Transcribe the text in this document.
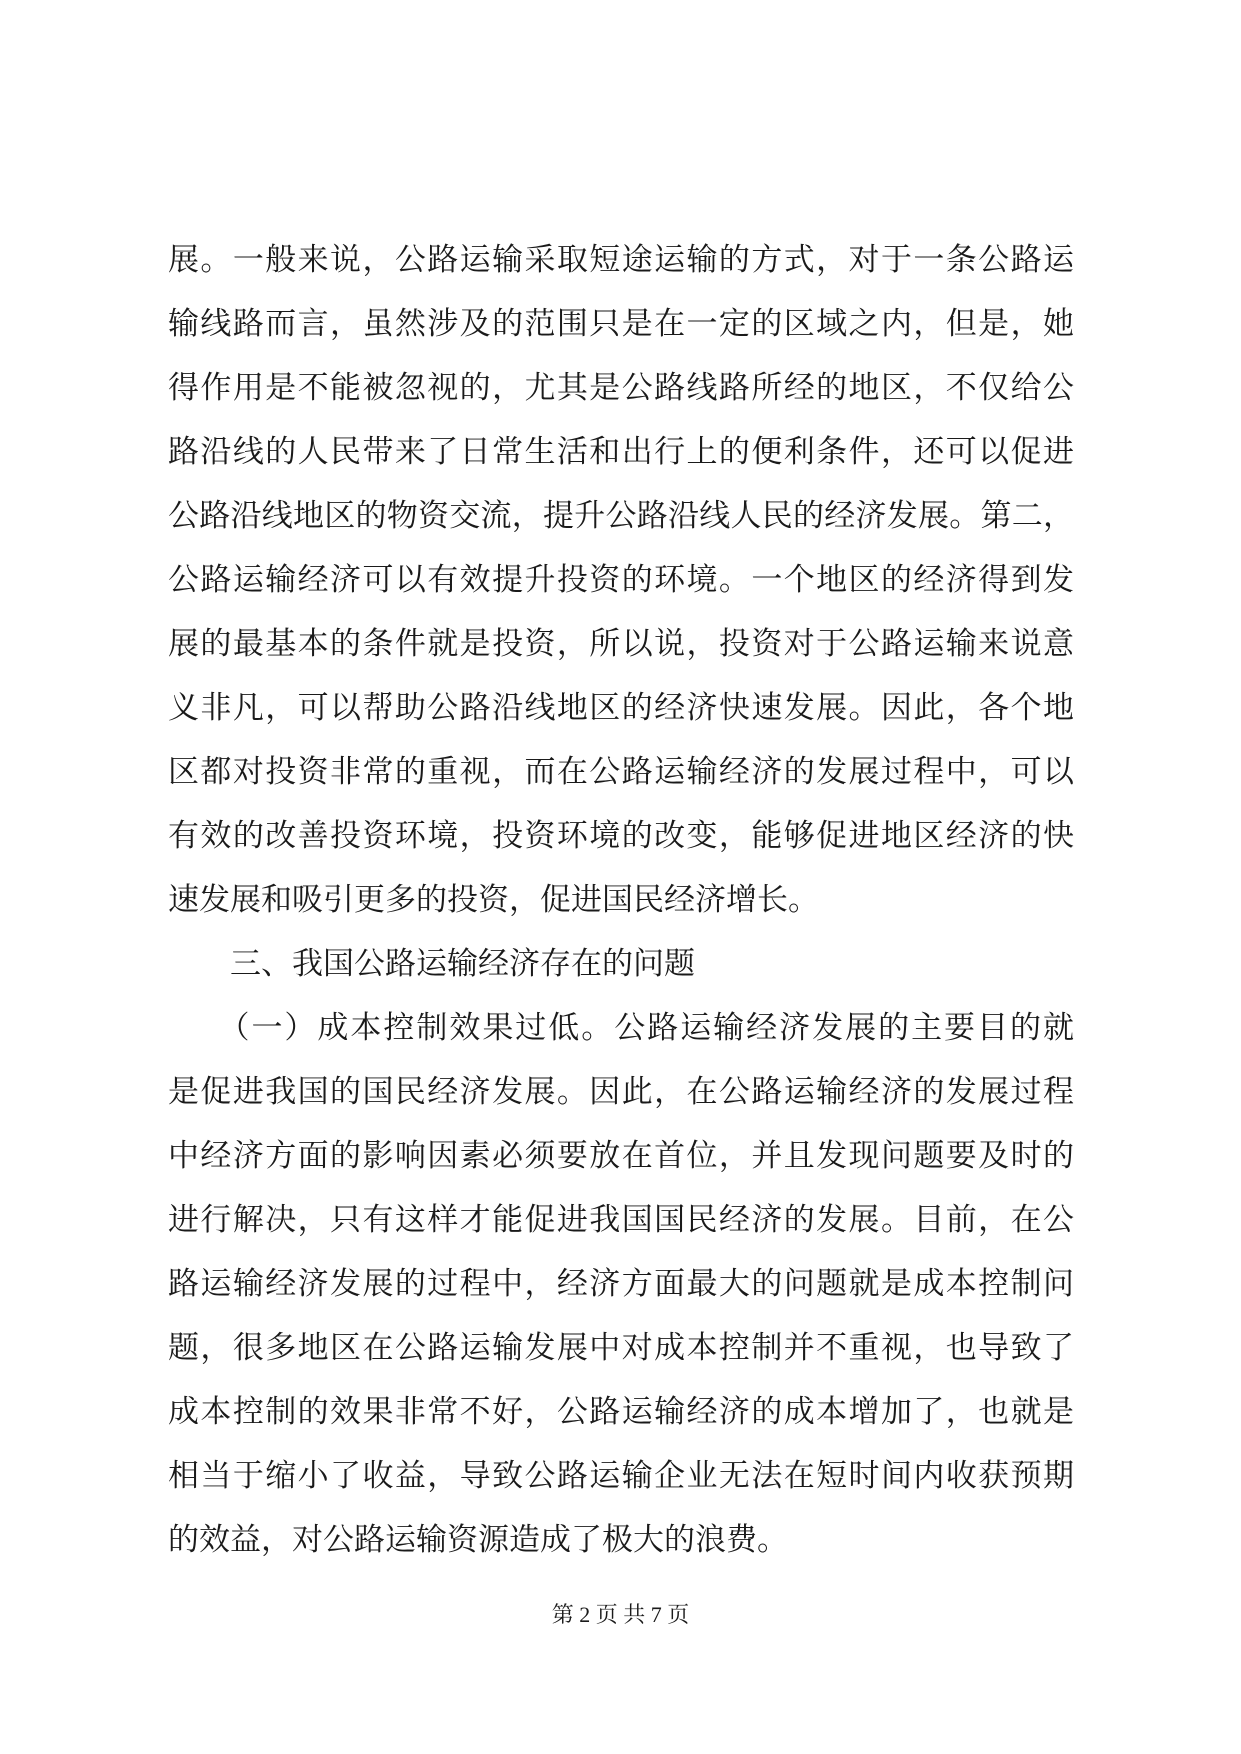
展。一般来说，公路运输采取短途运输的方式，对于一条公路运
输线路而言，虽然涉及的范围只是在一定的区域之内，但是，她
得作用是不能被忽视的，尤其是公路线路所经的地区，不仅给公
路沿线的人民带来了日常生活和出行上的便利条件，还可以促进
公路沿线地区的物资交流，提升公路沿线人民的经济发展。第二，
公路运输经济可以有效提升投资的环境。一个地区的经济得到发
展的最基本的条件就是投资，所以说，投资对于公路运输来说意
义非凡，可以帮助公路沿线地区的经济快速发展。因此，各个地
区都对投资非常的重视，而在公路运输经济的发展过程中，可以
有效的改善投资环境，投资环境的改变，能够促进地区经济的快
速发展和吸引更多的投资，促进国民经济增长。
　　三、我国公路运输经济存在的问题
　　（一）成本控制效果过低。公路运输经济发展的主要目的就
是促进我国的国民经济发展。因此，在公路运输经济的发展过程
中经济方面的影响因素必须要放在首位，并且发现问题要及时的
进行解决，只有这样才能促进我国国民经济的发展。目前，在公
路运输经济发展的过程中，经济方面最大的问题就是成本控制问
题，很多地区在公路运输发展中对成本控制并不重视，也导致了
成本控制的效果非常不好，公路运输经济的成本增加了，也就是
相当于缩小了收益，导致公路运输企业无法在短时间内收获预期
的效益，对公路运输资源造成了极大的浪费。
第 2 页 共 7 页
